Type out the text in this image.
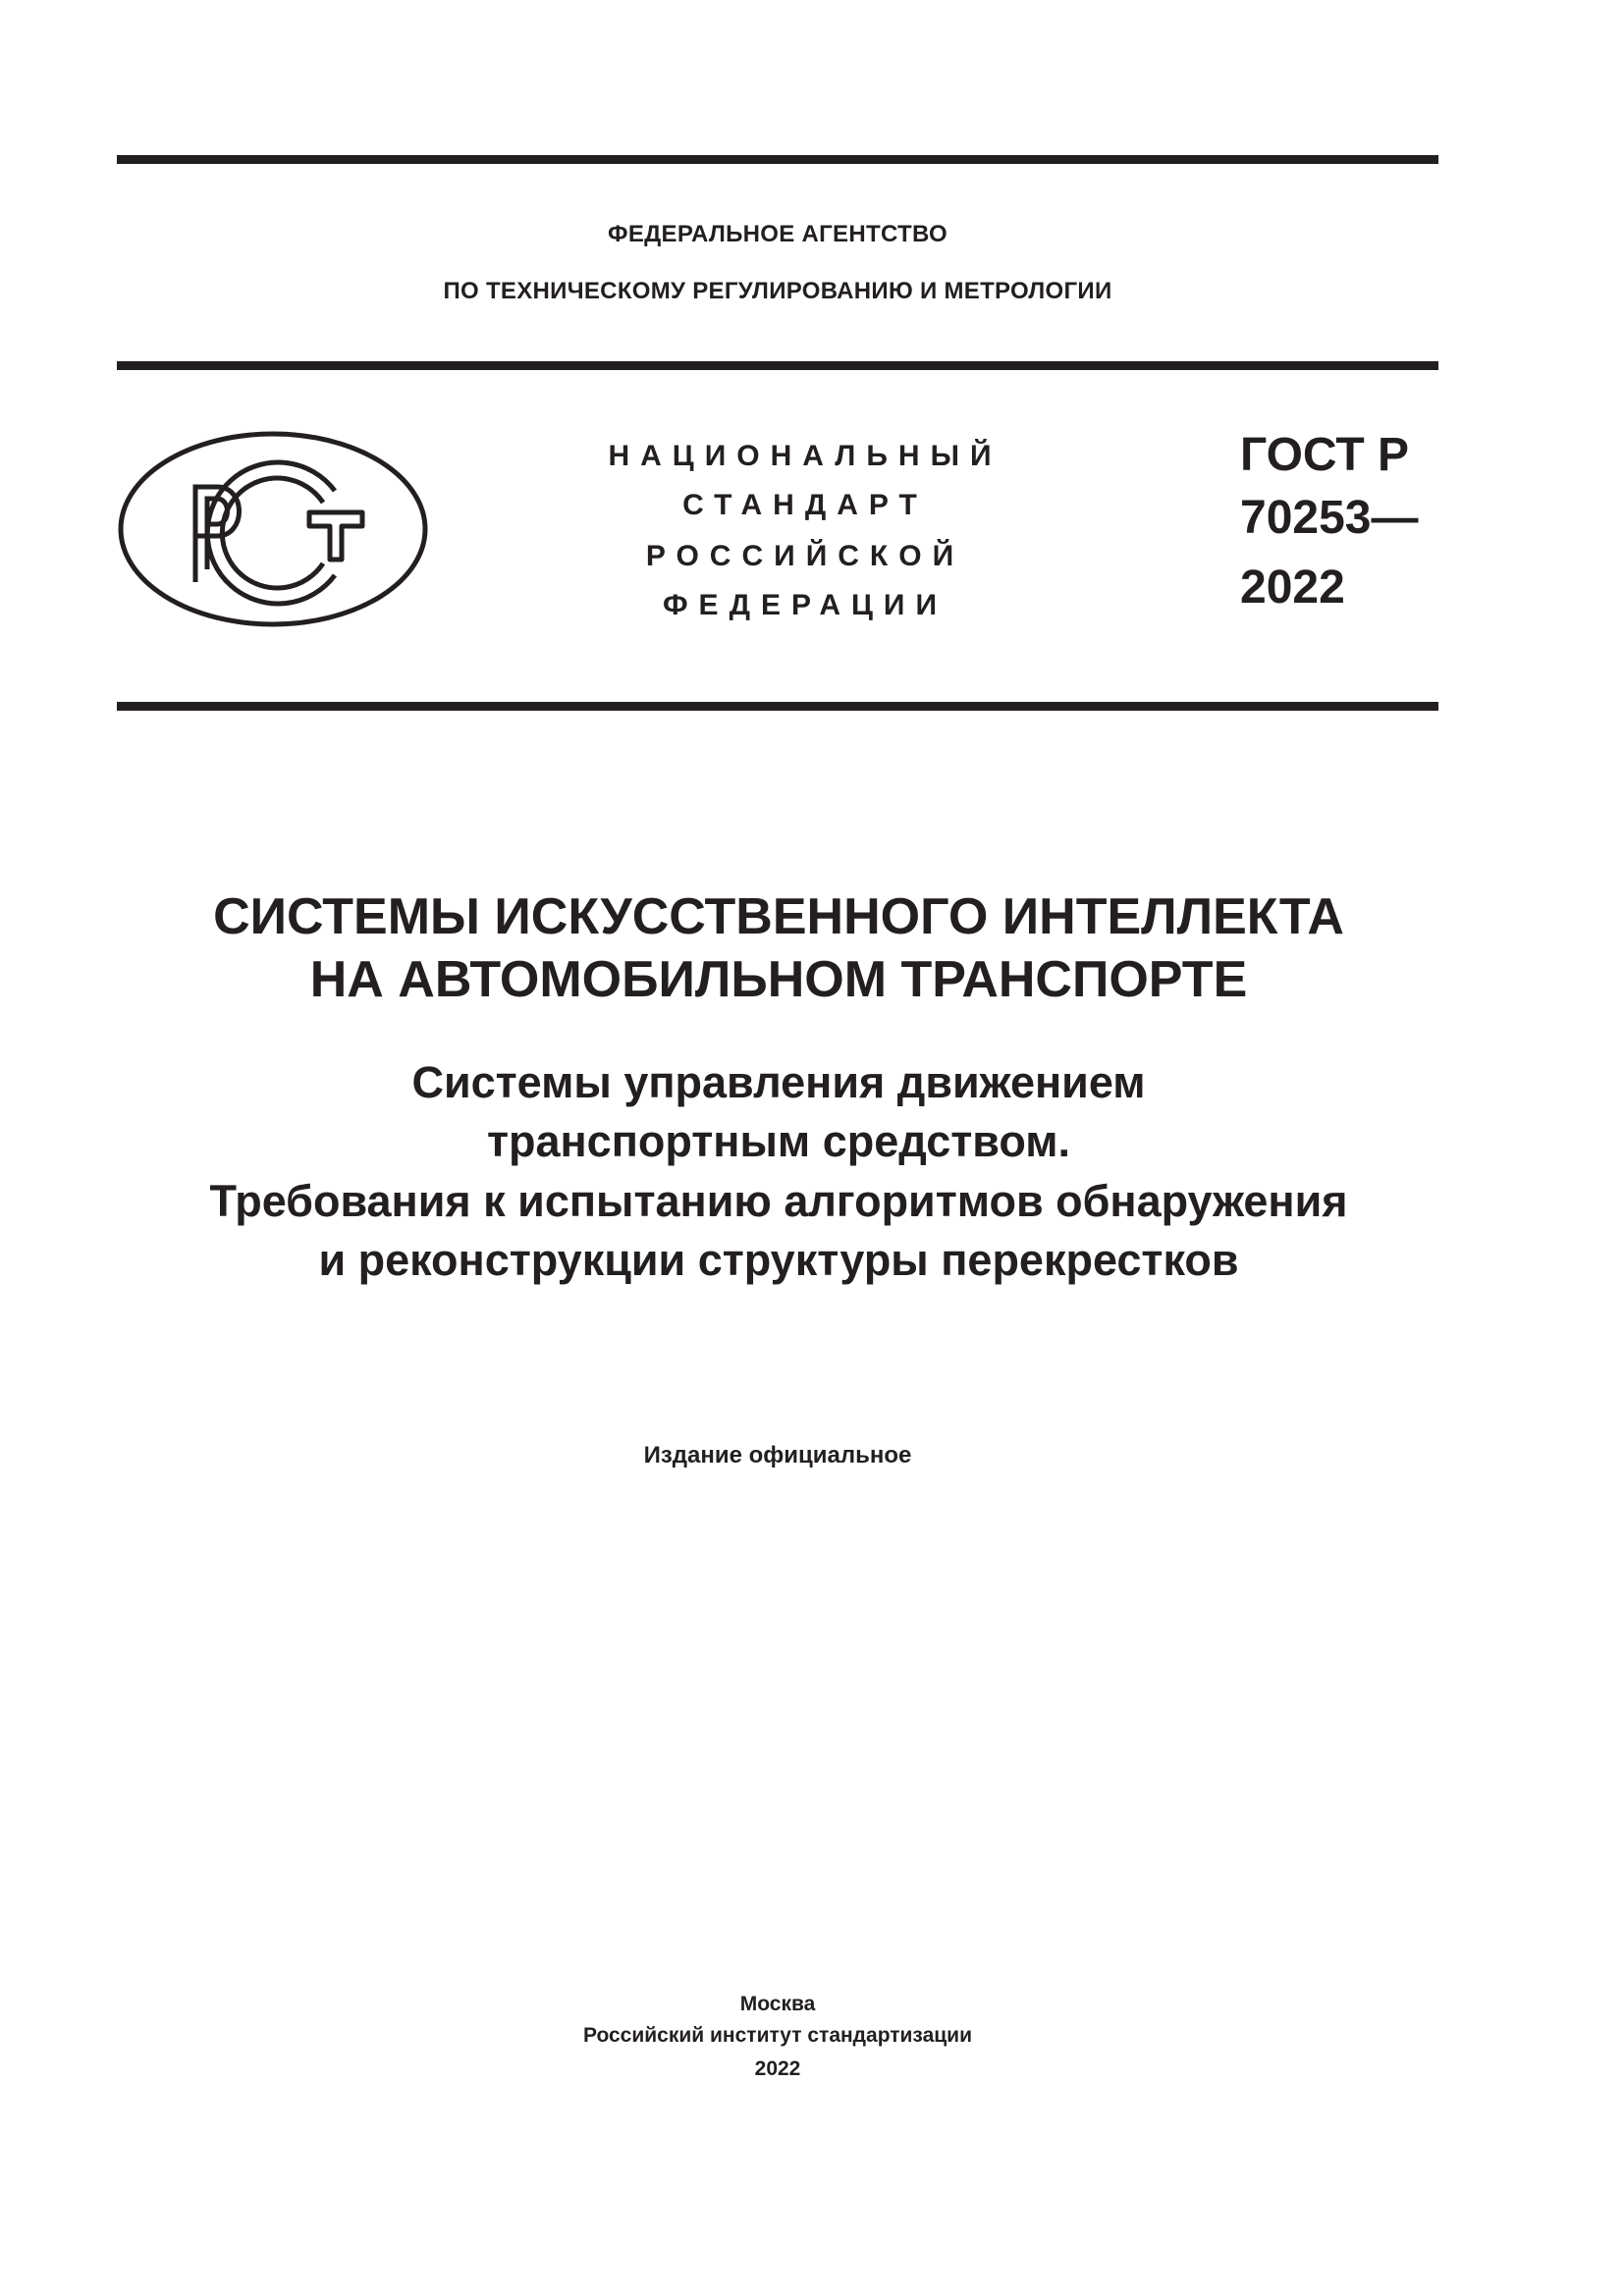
ФЕДЕРАЛЬНОЕ АГЕНТСТВО
ПО ТЕХНИЧЕСКОМУ РЕГУЛИРОВАНИЮ И МЕТРОЛОГИИ
НАЦИОНАЛЬНЫЙ
СТАНДАРТ
РОССИЙСКОЙ
ФЕДЕРАЦИИ
ГОСТ Р
70253—
2022
СИСТЕМЫ ИСКУССТВЕННОГО ИНТЕЛЛЕКТА
НА АВТОМОБИЛЬНОМ ТРАНСПОРТЕ
Системы управления движением
транспортным средством.
Требования к испытанию алгоритмов обнаружения
и реконструкции структуры перекрестков
Издание официальное
Москва
Российский институт стандартизации
2022
